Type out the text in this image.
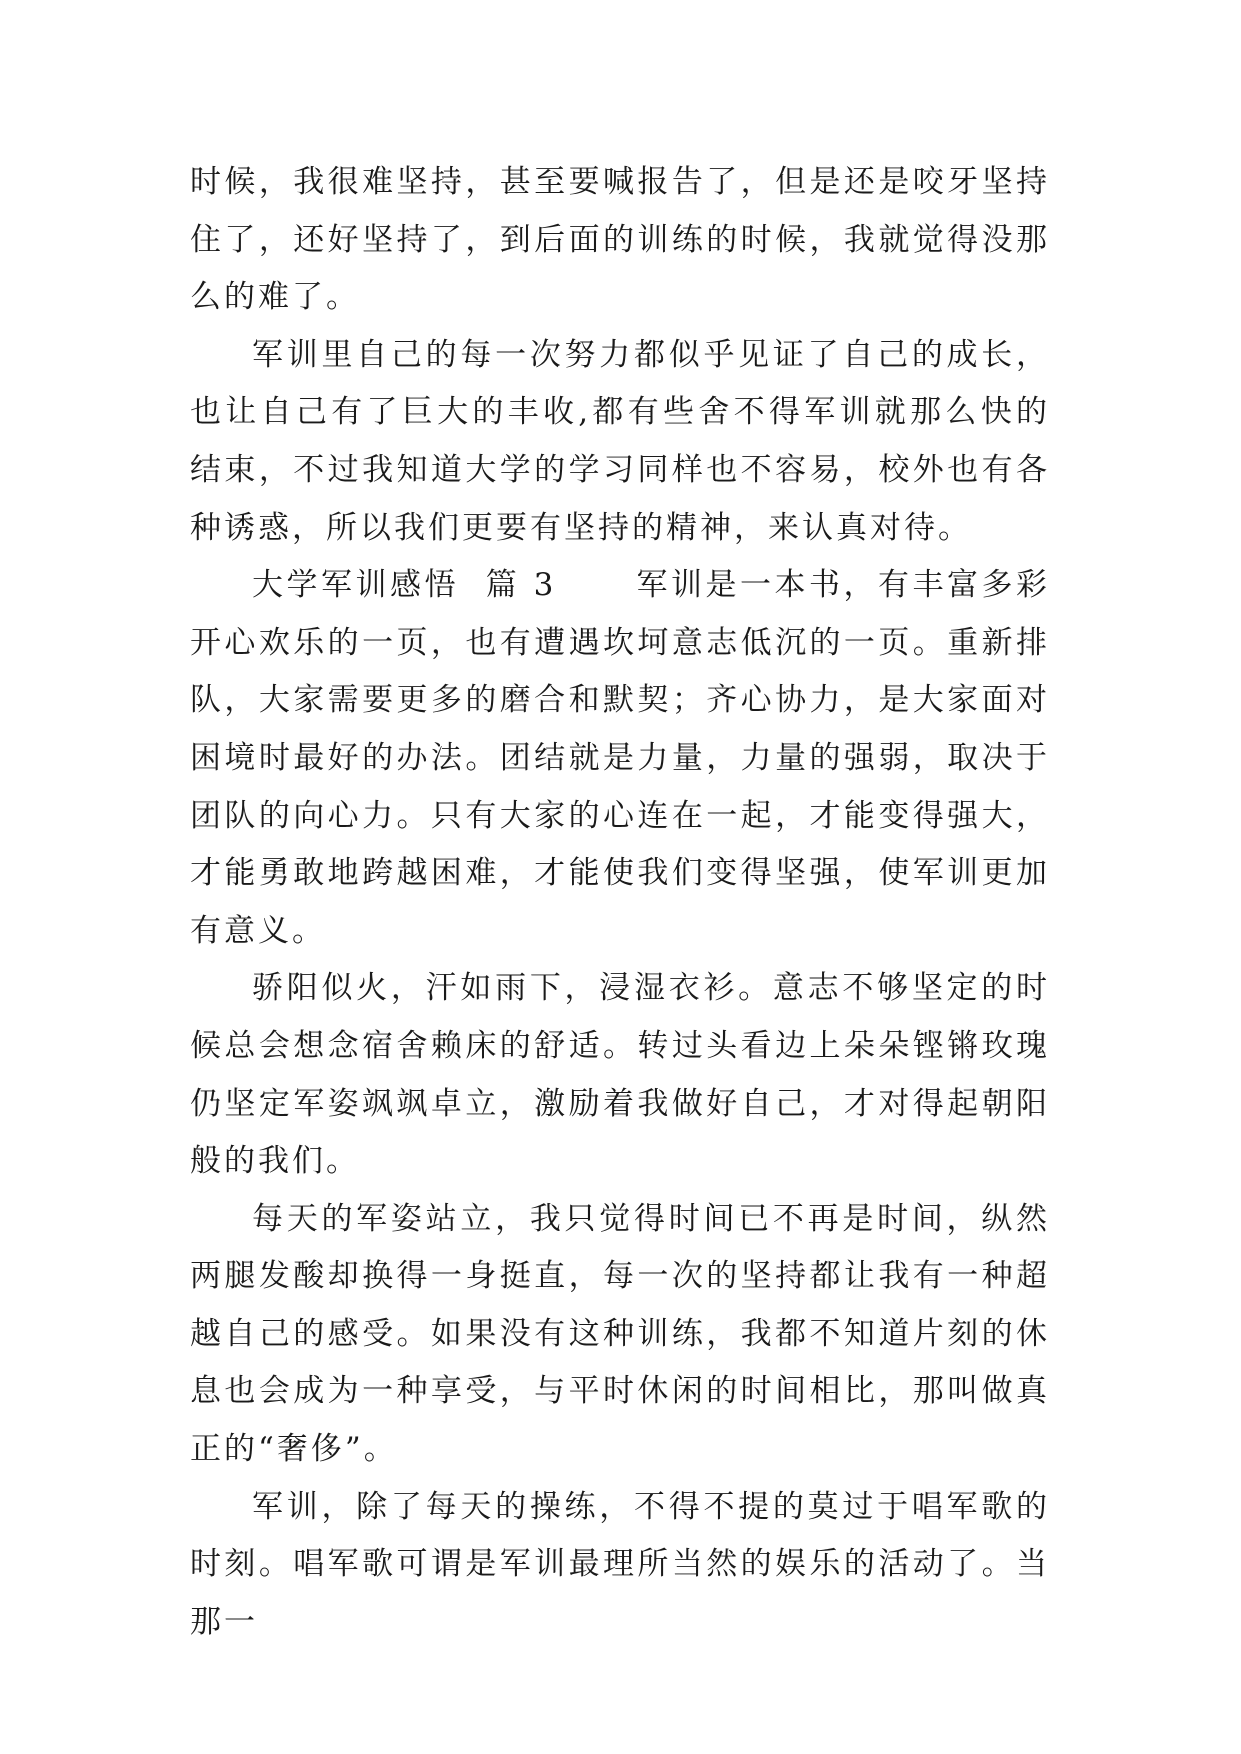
时候，我很难坚持，甚至要喊报告了，但是还是咬牙坚持住了，还好坚持了，到后面的训练的时候，我就觉得没那么的难了。

军训里自己的每一次努力都似乎见证了自己的成长，也让自己有了巨大的丰收,都有些舍不得军训就那么快的结束，不过我知道大学的学习同样也不容易，校外也有各种诱惑，所以我们更要有坚持的精神，来认真对待。

大学军训感悟  篇 3	军训是一本书，有丰富多彩开心欢乐的一页，也有遭遇坎坷意志低沉的一页。重新排队，大家需要更多的磨合和默契；齐心协力，是大家面对困境时最好的办法。团结就是力量，力量的强弱，取决于团队的向心力。只有大家的心连在一起，才能变得强大，才能勇敢地跨越困难，才能使我们变得坚强，使军训更加有意义。

骄阳似火，汗如雨下，浸湿衣衫。意志不够坚定的时候总会想念宿舍赖床的舒适。转过头看边上朵朵铿锵玫瑰仍坚定军姿飒飒卓立，激励着我做好自己，才对得起朝阳般的我们。

每天的军姿站立，我只觉得时间已不再是时间，纵然两腿发酸却换得一身挺直，每一次的坚持都让我有一种超越自己的感受。如果没有这种训练，我都不知道片刻的休息也会成为一种享受，与平时休闲的时间相比，那叫做真正的“奢侈”。

军训，除了每天的操练，不得不提的莫过于唱军歌的时刻。唱军歌可谓是军训最理所当然的娱乐的活动了。当那一
